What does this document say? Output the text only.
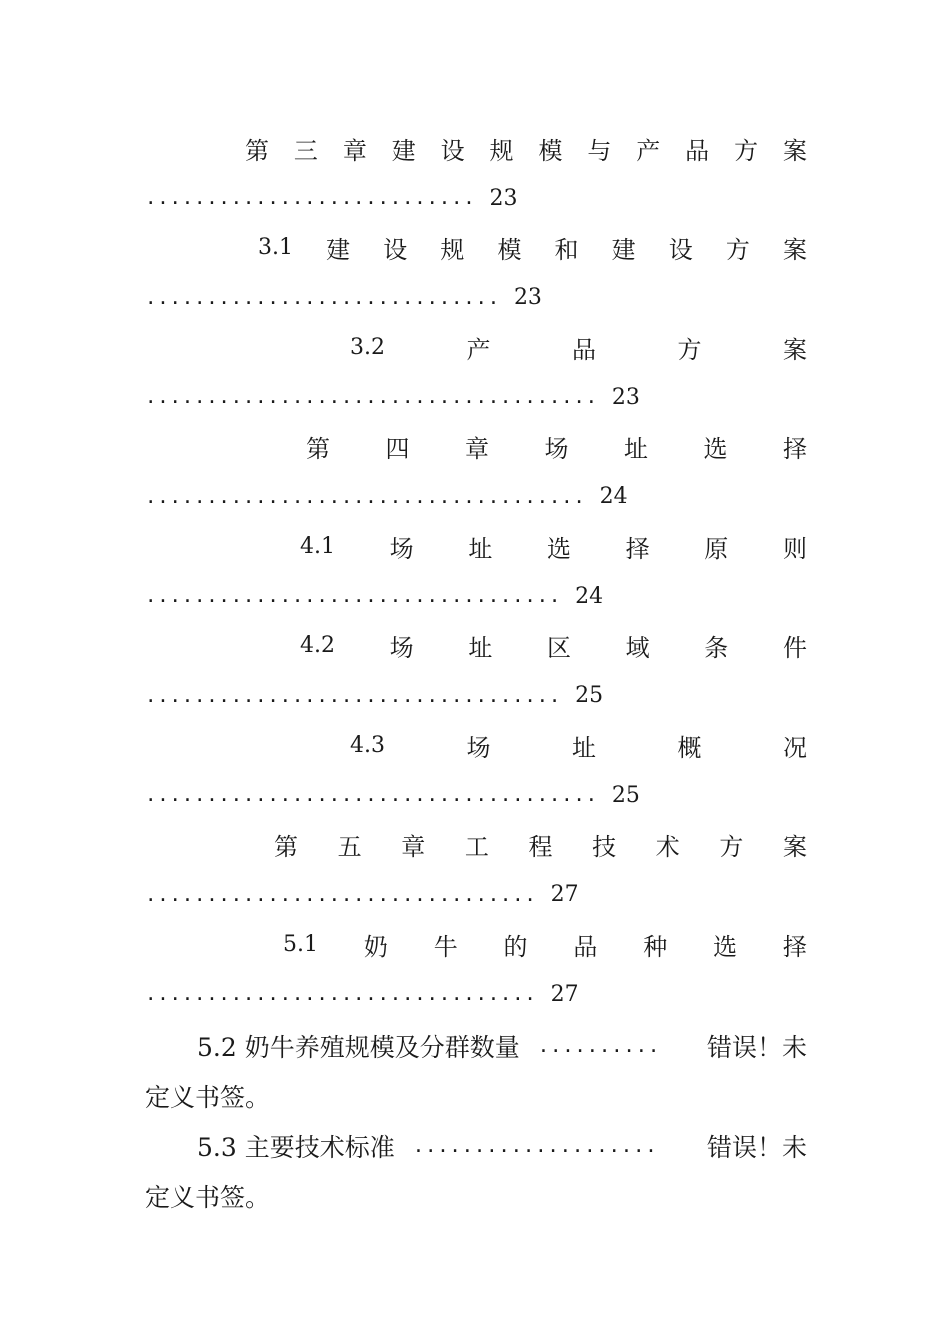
第 三 章 建 设 规 模 与 产 品 方 案
........................... 23
3.1 建 设 规 模 和 建 设 方 案
............................. 23
3.2	产	品	方	案
..................................... 23
第 四 章 场 址 选 择
.................................... 24
4.1 场 址 选 择 原 则
.................................. 24
4.2 场 址 区 域 条 件
.................................. 25
4.3	场	址	概	况
..................................... 25
第 五 章 工 程 技 术 方 案
................................ 27
5.1 奶 牛 的 品 种 选 择
................................ 27
5.2 奶牛养殖规模及分群数量 ..........	错误！未
定义书签。
5.3 主要技术标准 ....................	错误！未
定义书签。
